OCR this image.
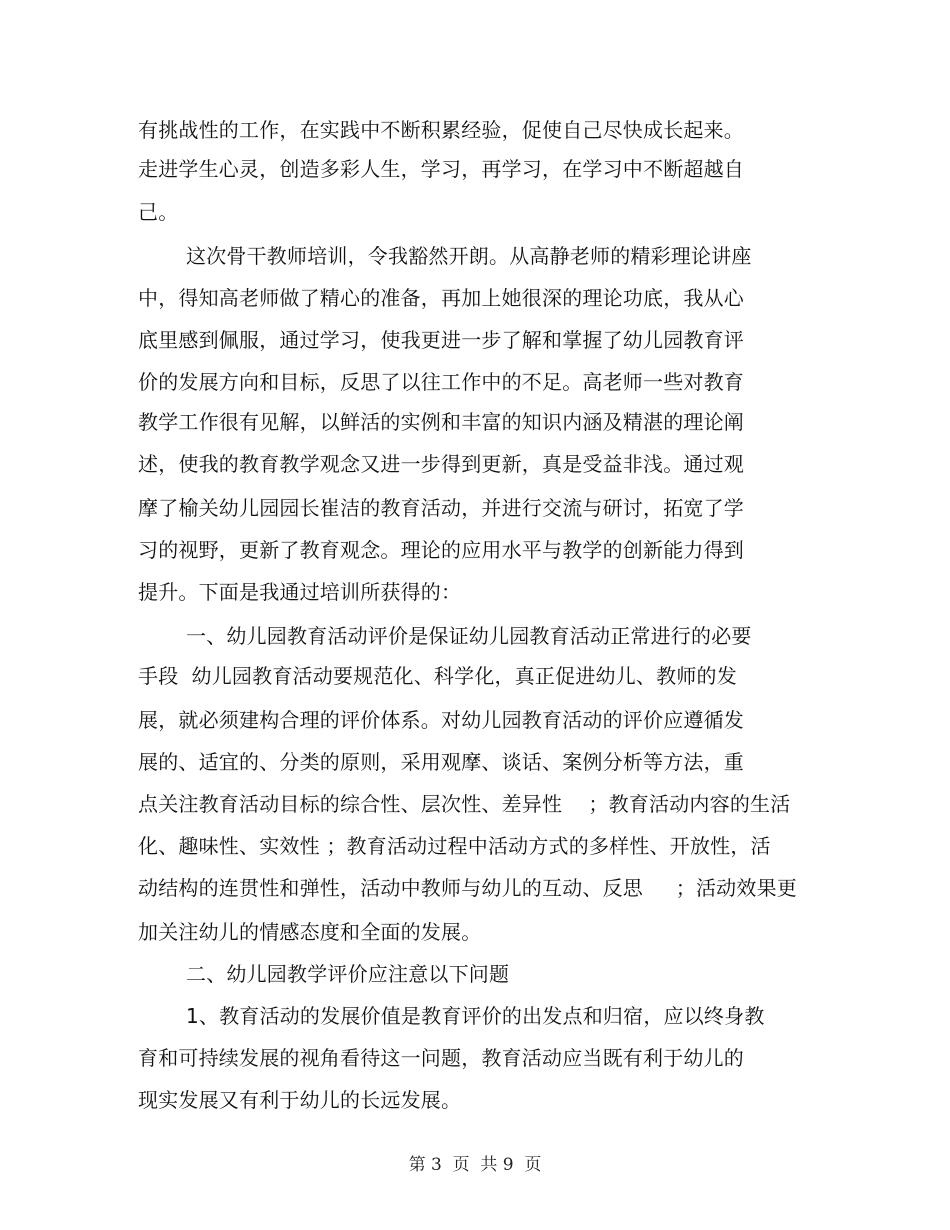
有挑战性的工作，在实践中不断积累经验，促使自己尽快成长起来。
走进学生心灵，创造多彩人生，学习，再学习，在学习中不断超越自
己。
这次骨干教师培训，令我豁然开朗。从高静老师的精彩理论讲座
中，得知高老师做了精心的准备，再加上她很深的理论功底，我从心
底里感到佩服，通过学习，使我更进一步了解和掌握了幼儿园教育评
价的发展方向和目标，反思了以往工作中的不足。高老师一些对教育
教学工作很有见解，以鲜活的实例和丰富的知识内涵及精湛的理论阐
述，使我的教育教学观念又进一步得到更新，真是受益非浅。通过观
摩了榆关幼儿园园长崔洁的教育活动，并进行交流与研讨，拓宽了学
习的视野，更新了教育观念。理论的应用水平与教学的创新能力得到
提升。下面是我通过培训所获得的：
一、幼儿园教育活动评价是保证幼儿园教育活动正常进行的必要
手段  幼儿园教育活动要规范化、科学化，真正促进幼儿、教师的发
展，就必须建构合理的评价体系。对幼儿园教育活动的评价应遵循发
展的、适宜的、分类的原则，采用观摩、谈话、案例分析等方法，重
点关注教育活动目标的综合性、层次性、差异性    ；教育活动内容的生活
化、趣味性、实效性 ；教育活动过程中活动方式的多样性、开放性，活
动结构的连贯性和弹性，活动中教师与幼儿的互动、反思     ；活动效果更
加关注幼儿的情感态度和全面的发展。
二、幼儿园教学评价应注意以下问题
1、教育活动的发展价值是教育评价的出发点和归宿，应以终身教
育和可持续发展的视角看待这一问题，教育活动应当既有利于幼儿的
现实发展又有利于幼儿的长远发展。
第 3  页  共 9  页
